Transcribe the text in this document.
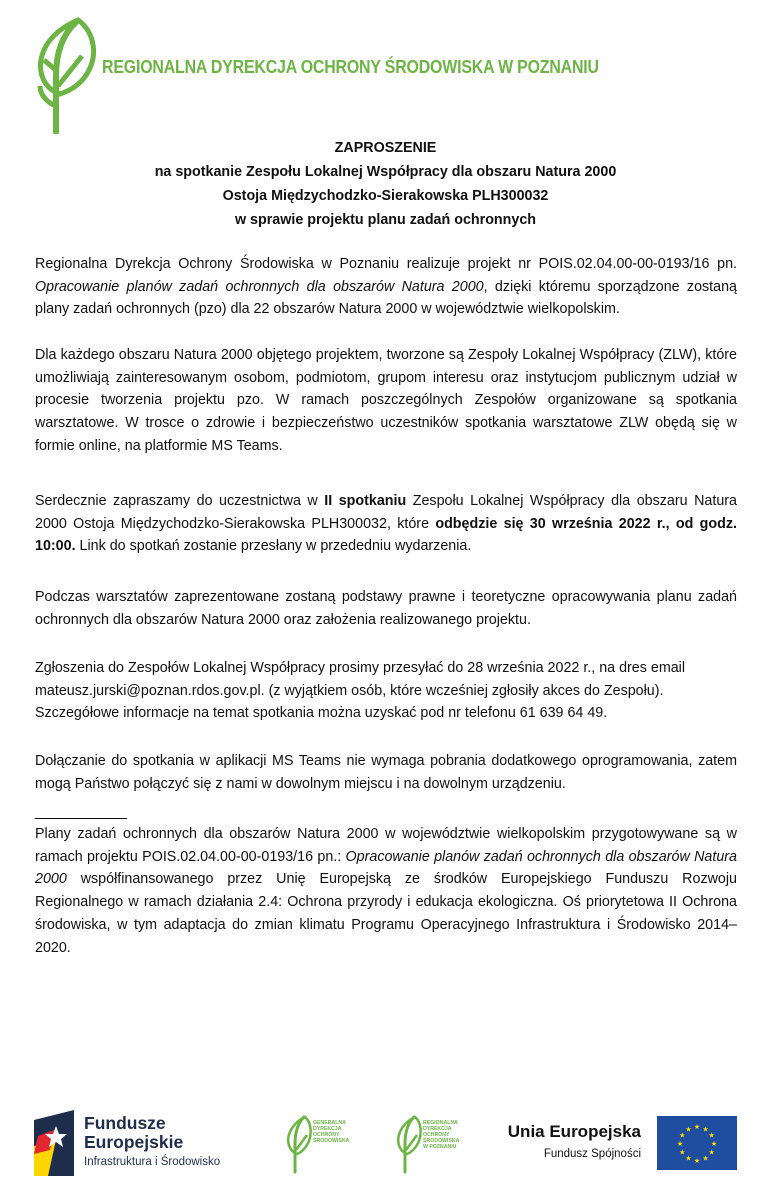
REGIONALNA DYREKCJA OCHRONY ŚRODOWISKA W POZNANIU
ZAPROSZENIE
na spotkanie Zespołu Lokalnej Współpracy dla obszaru Natura 2000
Ostoja Międzychodzko-Sierakowska PLH300032
w sprawie projektu planu zadań ochronnych

Regionalna Dyrekcja Ochrony Środowiska w Poznaniu realizuje projekt nr POIS.02.04.00-00-0193/16 pn. Opracowanie planów zadań ochronnych dla obszarów Natura 2000, dzięki któremu sporządzone zostaną plany zadań ochronnych (pzo) dla 22 obszarów Natura 2000 w województwie wielkopolskim.

Dla każdego obszaru Natura 2000 objętego projektem, tworzone są Zespoły Lokalnej Współpracy (ZLW), które umożliwiają zainteresowanym osobom, podmiotom, grupom interesu oraz instytucjom publicznym udział w procesie tworzenia projektu pzo. W ramach poszczególnych Zespołów organizowane są spotkania warsztatowe. W trosce o zdrowie i bezpieczeństwo uczestników spotkania warsztatowe ZLW obędą się w formie online, na platformie MS Teams.

Serdecznie zapraszamy do uczestnictwa w II spotkaniu Zespołu Lokalnej Współpracy dla obszaru Natura 2000 Ostoja Międzychodzko-Sierakowska PLH300032, które odbędzie się 30 września 2022 r., od godz. 10:00. Link do spotkań zostanie przesłany w przededniu wydarzenia.

Podczas warsztatów zaprezentowane zostaną podstawy prawne i teoretyczne opracowywania planu zadań ochronnych dla obszarów Natura 2000 oraz założenia realizowanego projektu.

Zgłoszenia do Zespołów Lokalnej Współpracy prosimy przesyłać do 28 września 2022 r., na dres email

mateusz.jurski@poznan.rdos.gov.pl. (z wyjątkiem osób, które wcześniej zgłosiły akces do Zespołu).

Szczegółowe informacje na temat spotkania można uzyskać pod nr telefonu 61 639 64 49.

Dołączanie do spotkania w aplikacji MS Teams nie wymaga pobrania dodatkowego oprogramowania, zatem mogą Państwo połączyć się z nami w dowolnym miejscu i na dowolnym urządzeniu.

Plany zadań ochronnych dla obszarów Natura 2000 w województwie wielkopolskim przygotowywane są w ramach projektu POIS.02.04.00-00-0193/16 pn.: Opracowanie planów zadań ochronnych dla obszarów Natura 2000 współfinansowanego przez Unię Europejską ze środków Europejskiego Funduszu Rozwoju Regionalnego w ramach działania 2.4: Ochrona przyrody i edukacja ekologiczna. Oś priorytetowa II Ochrona środowiska, w tym adaptacja do zmian klimatu Programu Operacyjnego Infrastruktura i Środowisko 2014–2020.

Fundusze
Europejskie
Infrastruktura i Środowisko
GENERALNA
DYREKCJA
OCHRONY
ŚRODOWISKA
REGIONALNA
DYREKCJA
OCHRONY
ŚRODOWISKA
W POZNANIU
Unia Europejska
Fundusz Spójności
★ ★
★
★
★
★
★
★
★
★
★
★
